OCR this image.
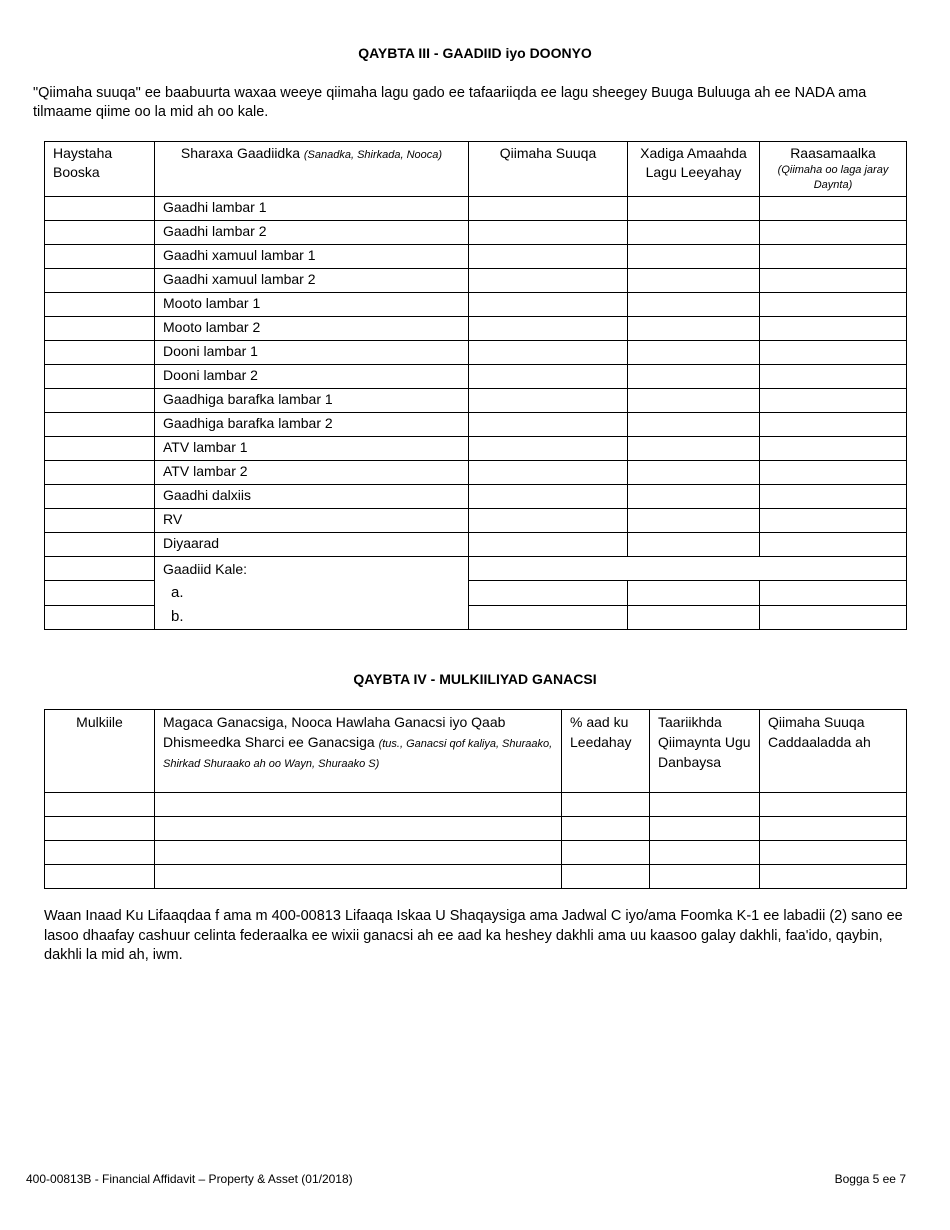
QAYBTA III - GAADIID iyo DOONYO
"Qiimaha suuqa" ee baabuurta waxaa weeye qiimaha lagu gado ee tafaariiqda ee lagu sheegey Buuga Buluuga ah ee NADA ama tilmaame qiime oo la mid ah oo kale.
Haystaha Booska	Sharaxa Gaadiidka (Sanadka, Shirkada, Nooca)	Qiimaha Suuqa	Xadiga Amaahda Lagu Leeyahay	Raasamaalka
(Qiimaha oo laga jaray Daynta)

	Gaadhi lambar 1			
	Gaadhi lambar 2			
	Gaadhi xamuul lambar 1			
	Gaadhi xamuul lambar 2			
	Mooto lambar 1			
	Mooto lambar 2			
	Dooni lambar 1			
	Dooni lambar 2			
	Gaadhiga barafka lambar 1			
	Gaadhiga barafka lambar 2			
	ATV lambar 1			
	ATV lambar 2			
	Gaadhi dalxiis			
	RV			
	Diyaarad			
	Gaadiid Kale:
a.
b.			

QAYBTA IV - MULKIILIYAD GANACSI
Mulkiile	Magaca Ganacsiga, Nooca Hawlaha Ganacsi iyo Qaab Dhismeedka Sharci ee Ganacsiga (tus., Ganacsi qof kaliya, Shuraako, Shirkad Shuraako ah oo Wayn, Shuraako S)	% aad ku Leedahay	Taariikhda Qiimaynta Ugu Danbaysa	Qiimaha Suuqa Caddaaladda ah

Waan Inaad Ku Lifaaqdaa f ama m 400-00813 Lifaaqa Iskaa U Shaqaysiga ama Jadwal C iyo/ama Foomka K-1 ee labadii (2) sano ee lasoo dhaafay cashuur celinta federaalka ee wixii ganacsi ah ee aad ka heshey dakhli ama uu kaasoo galay dakhli, faa'ido, qaybin, dakhli la mid ah, iwm.
400-00813B - Financial Affidavit – Property & Asset (01/2018)	Bogga 5 ee 7
